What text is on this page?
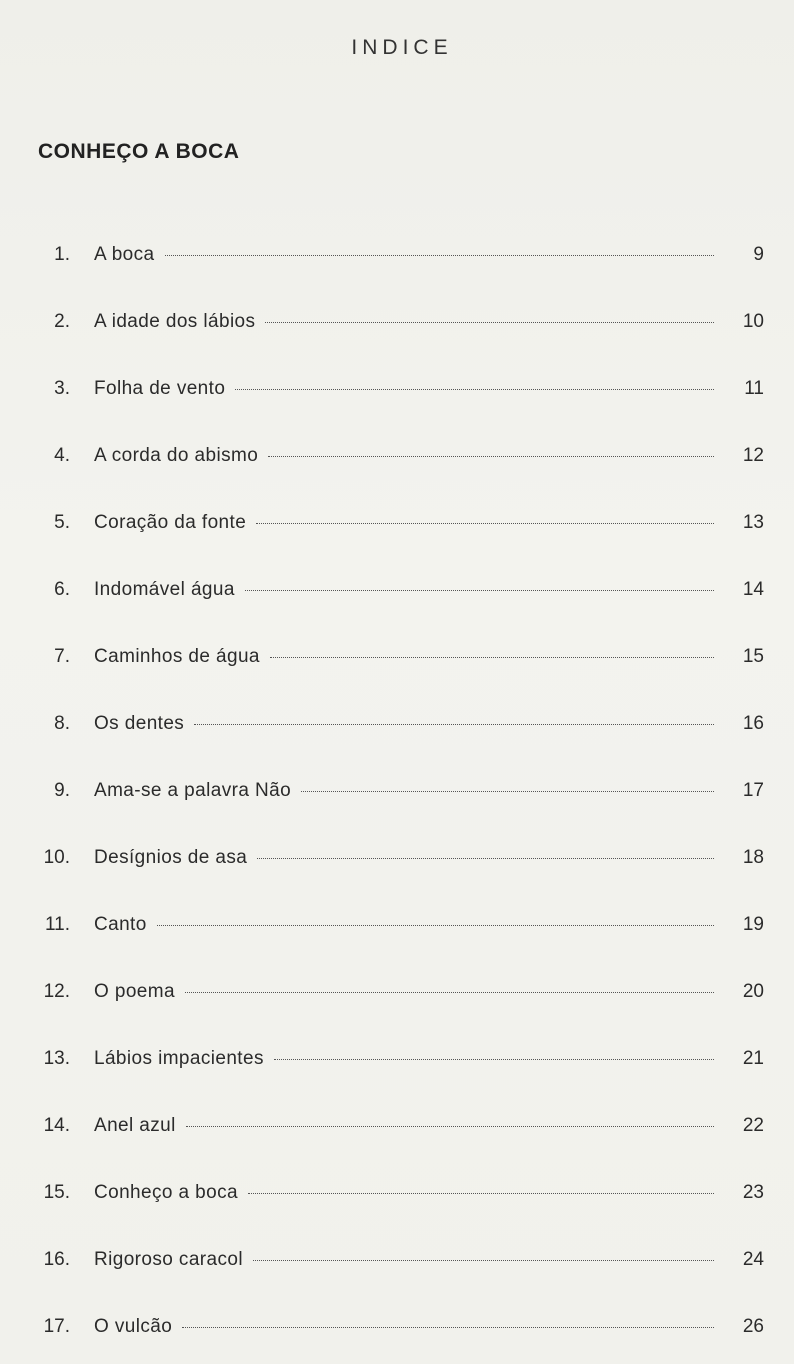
INDICE
CONHEÇO A BOCA
1. A boca	9
2. A idade dos lábios	10
3. Folha de vento	11
4. A corda do abismo	12
5. Coração da fonte	13
6. Indomável água	14
7. Caminhos de água	15
8. Os dentes	16
9. Ama-se a palavra Não	17
10. Desígnios de asa	18
11. Canto	19
12. O poema	20
13. Lábios impacientes	21
14. Anel azul	22
15. Conheço a boca	23
16. Rigoroso caracol	24
17. O vulcão	26
